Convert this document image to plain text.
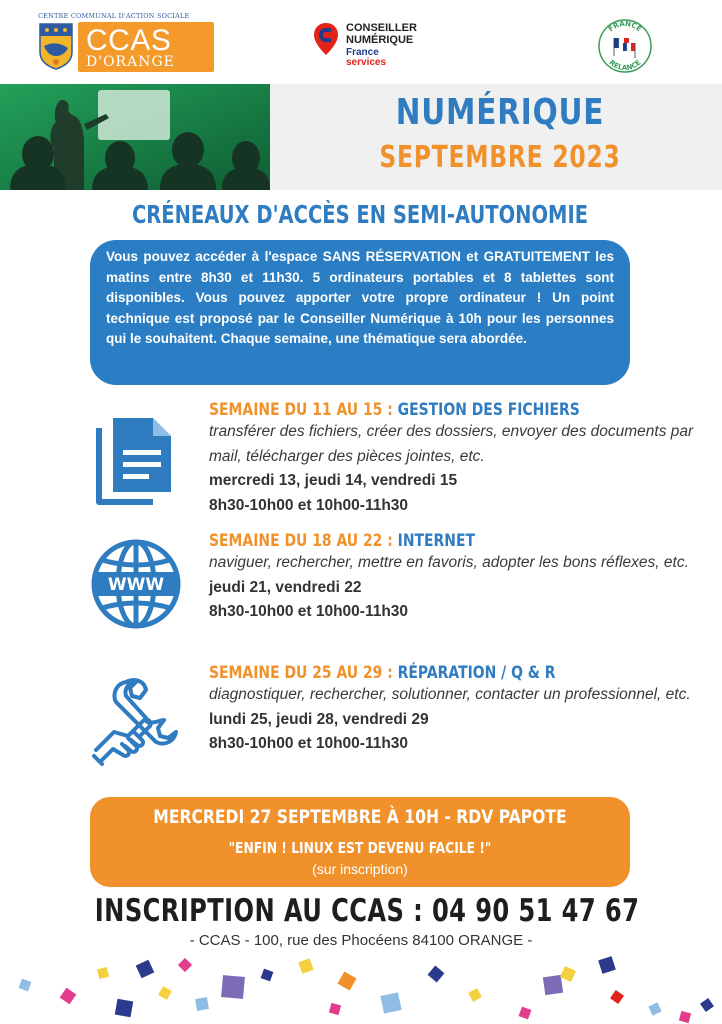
CENTRE COMMUNAL D'ACTION SOCIALE
CCAS
D'ORANGE
CONSEILLER
NUMÉRIQUE
France
services
FRANCE
RELANCE
NUMÉRIQUE
SEPTEMBRE 2023
CRÉNEAUX D'ACCÈS EN SEMI-AUTONOMIE
Vous pouvez accéder à l'espace SANS RÉSERVATION et GRATUITEMENT les matins entre 8h30 et 11h30. 5 ordinateurs portables et 8 tablettes sont disponibles. Vous pouvez apporter votre propre ordinateur ! Un point technique est proposé par le Conseiller Numérique à 10h pour les personnes qui le souhaitent. Chaque semaine, une thématique sera abordée.
SEMAINE DU 11 AU 15 : GESTION DES FICHIERS
transférer des fichiers, créer des dossiers, envoyer des documents par mail, télécharger des pièces jointes, etc.
mercredi 13, jeudi 14, vendredi 15
8h30-10h00 et 10h00-11h30
WWW
SEMAINE DU 18 AU 22 : INTERNET
naviguer, rechercher, mettre en favoris, adopter les bons réflexes, etc.
jeudi 21, vendredi 22
8h30-10h00 et 10h00-11h30
SEMAINE DU 25 AU 29 : RÉPARATION / Q & R
diagnostiquer, rechercher, solutionner, contacter un professionnel, etc.
lundi 25, jeudi 28, vendredi 29
8h30-10h00 et 10h00-11h30
MERCREDI 27 SEPTEMBRE À 10H - RDV PAPOTE
"ENFIN ! LINUX EST DEVENU FACILE !"
(sur inscription)
INSCRIPTION AU CCAS : 04 90 51 47 67
- CCAS - 100, rue des Phocéens 84100 ORANGE -
